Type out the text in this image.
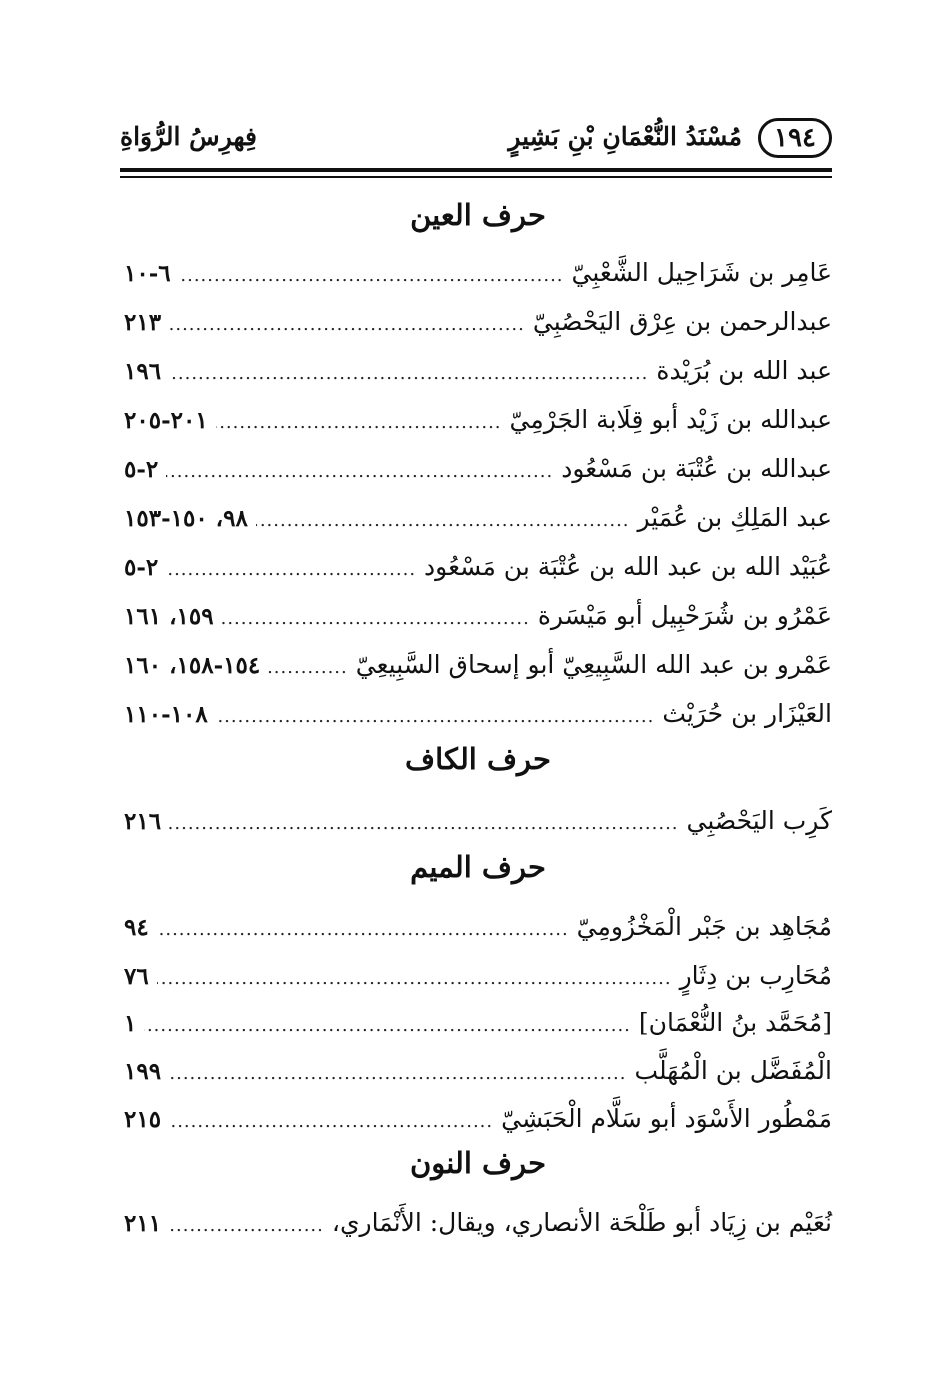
١٩٤
مُسْنَدُ النُّعْمَانِ بْنِ بَشِيرٍ
فِهرِسُ الرُّوَاةِ
حرف العين
عَامِر بن شَرَاحِيل الشَّعْبِيّ
.....
٦-١٠
عبدالرحمن بن عِرْق اليَحْصُبِيّ
.....
٢١٣
عبد الله بن بُرَيْدة
.....
١٩٦
عبدالله بن زَيْد أبو قِلَابة الجَرْمِيّ
.....
٢٠١-٢٠٥
عبدالله بن عُتْبَة بن مَسْعُود
.....
٢-٥
عبد المَلِكِ بن عُمَيْر
.....
٩٨، ١٥٠-١٥٣
عُبَيْد الله بن عبد الله بن عُتْبَة بن مَسْعُود
.....
٢-٥
عَمْرُو بن شُرَحْبِيل أبو مَيْسَرة
.....
١٥٩، ١٦١
عَمْرو بن عبد الله السَّبِيعِيّ أبو إسحاق السَّبِيعِيّ
.....
١٥٤-١٥٨، ١٦٠
العَيْزَار بن حُرَيْث
.....
١٠٨-١١٠
حرف الكاف
كَرِب اليَحْصُبِي
.....
٢١٦
حرف الميم
مُجَاهِد بن جَبْر الْمَخْزُومِيّ
.....
٩٤
مُحَارِب بن دِثَارٍ
.....
٧٦
[مُحَمَّد بنُ النُّعْمَان]
.....
١
الْمُفَضَّل بن الْمُهَلَّب
.....
١٩٩
مَمْطُور الأَسْوَد أبو سَلَّام الْحَبَشِيّ
.....
٢١٥
حرف النون
نُعَيْم بن زِيَاد أبو طَلْحَة الأنصاري، ويقال: الأَنْمَاري،
.....
٢١١
